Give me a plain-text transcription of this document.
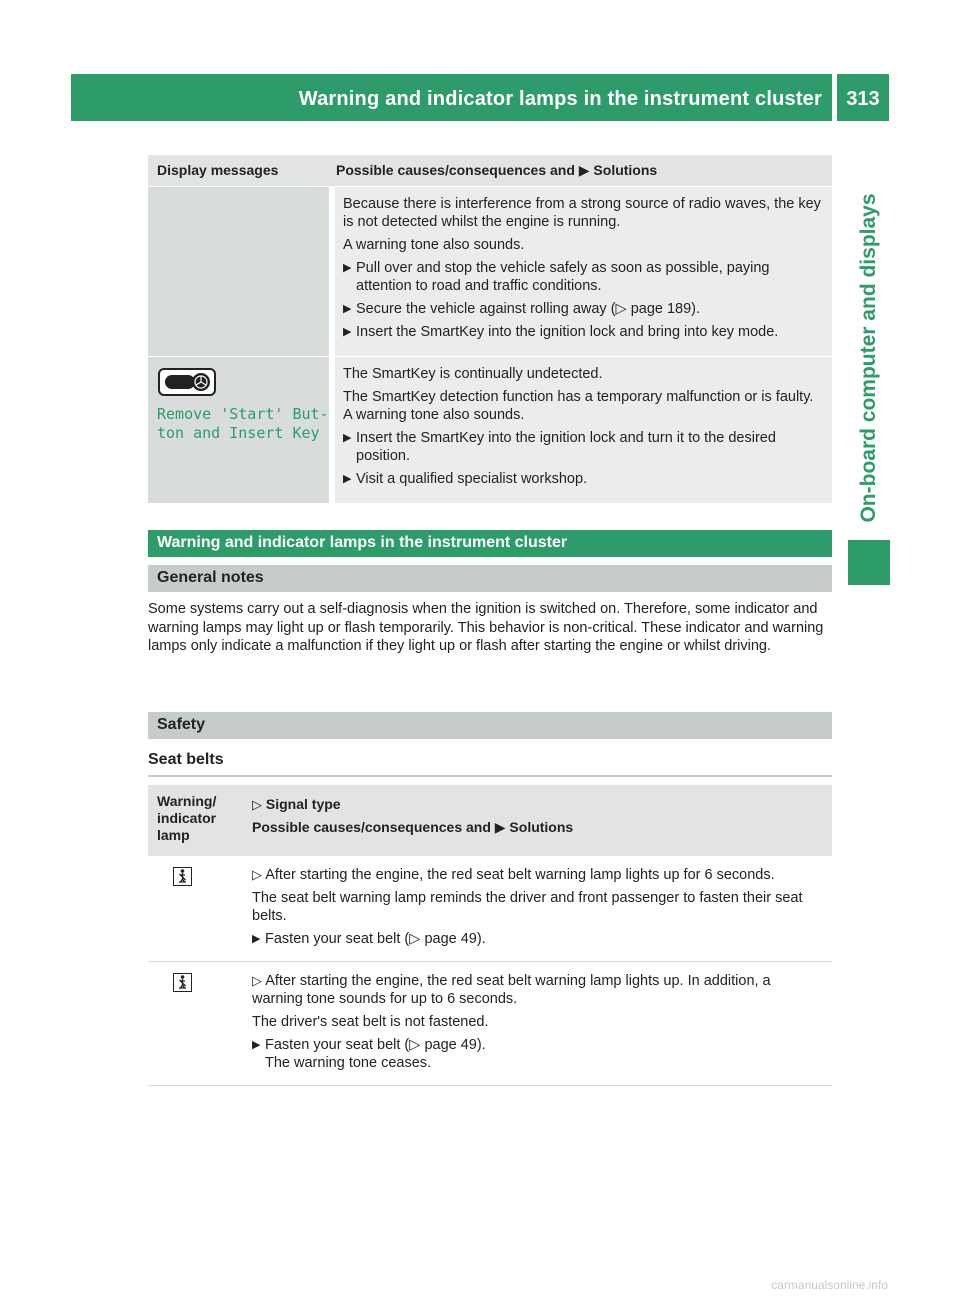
Warning and indicator lamps in the instrument cluster	313
On-board computer and displays
Display messages	Possible causes/consequences and ▶ Solutions
Because there is interference from a strong source of radio waves, the key is not detected whilst the engine is running.
A warning tone also sounds.
▶ Pull over and stop the vehicle safely as soon as possible, paying attention to road and traffic conditions.
▶ Secure the vehicle against rolling away (▷ page 189).
▶ Insert the SmartKey into the ignition lock and bring into key mode.
Remove 'Start' But‐
ton and Insert Key
The SmartKey is continually undetected.
The SmartKey detection function has a temporary malfunction or is faulty. A warning tone also sounds.
▶ Insert the SmartKey into the ignition lock and turn it to the desired position.
▶ Visit a qualified specialist workshop.
Warning and indicator lamps in the instrument cluster
General notes
Some systems carry out a self-diagnosis when the ignition is switched on. Therefore, some indicator and warning lamps may light up or flash temporarily. This behavior is non-critical. These indicator and warning lamps only indicate a malfunction if they light up or flash after starting the engine or whilst driving.
Safety
Seat belts
Warning/
indicator
lamp
▷ Signal type
Possible causes/consequences and ▶ Solutions
▷ After starting the engine, the red seat belt warning lamp lights up for 6 seconds.
The seat belt warning lamp reminds the driver and front passenger to fasten their seat belts.
▶ Fasten your seat belt (▷ page 49).
▷ After starting the engine, the red seat belt warning lamp lights up. In addition, a warning tone sounds for up to 6 seconds.
The driver's seat belt is not fastened.
▶ Fasten your seat belt (▷ page 49).
The warning tone ceases.
carmanualsonline.info
